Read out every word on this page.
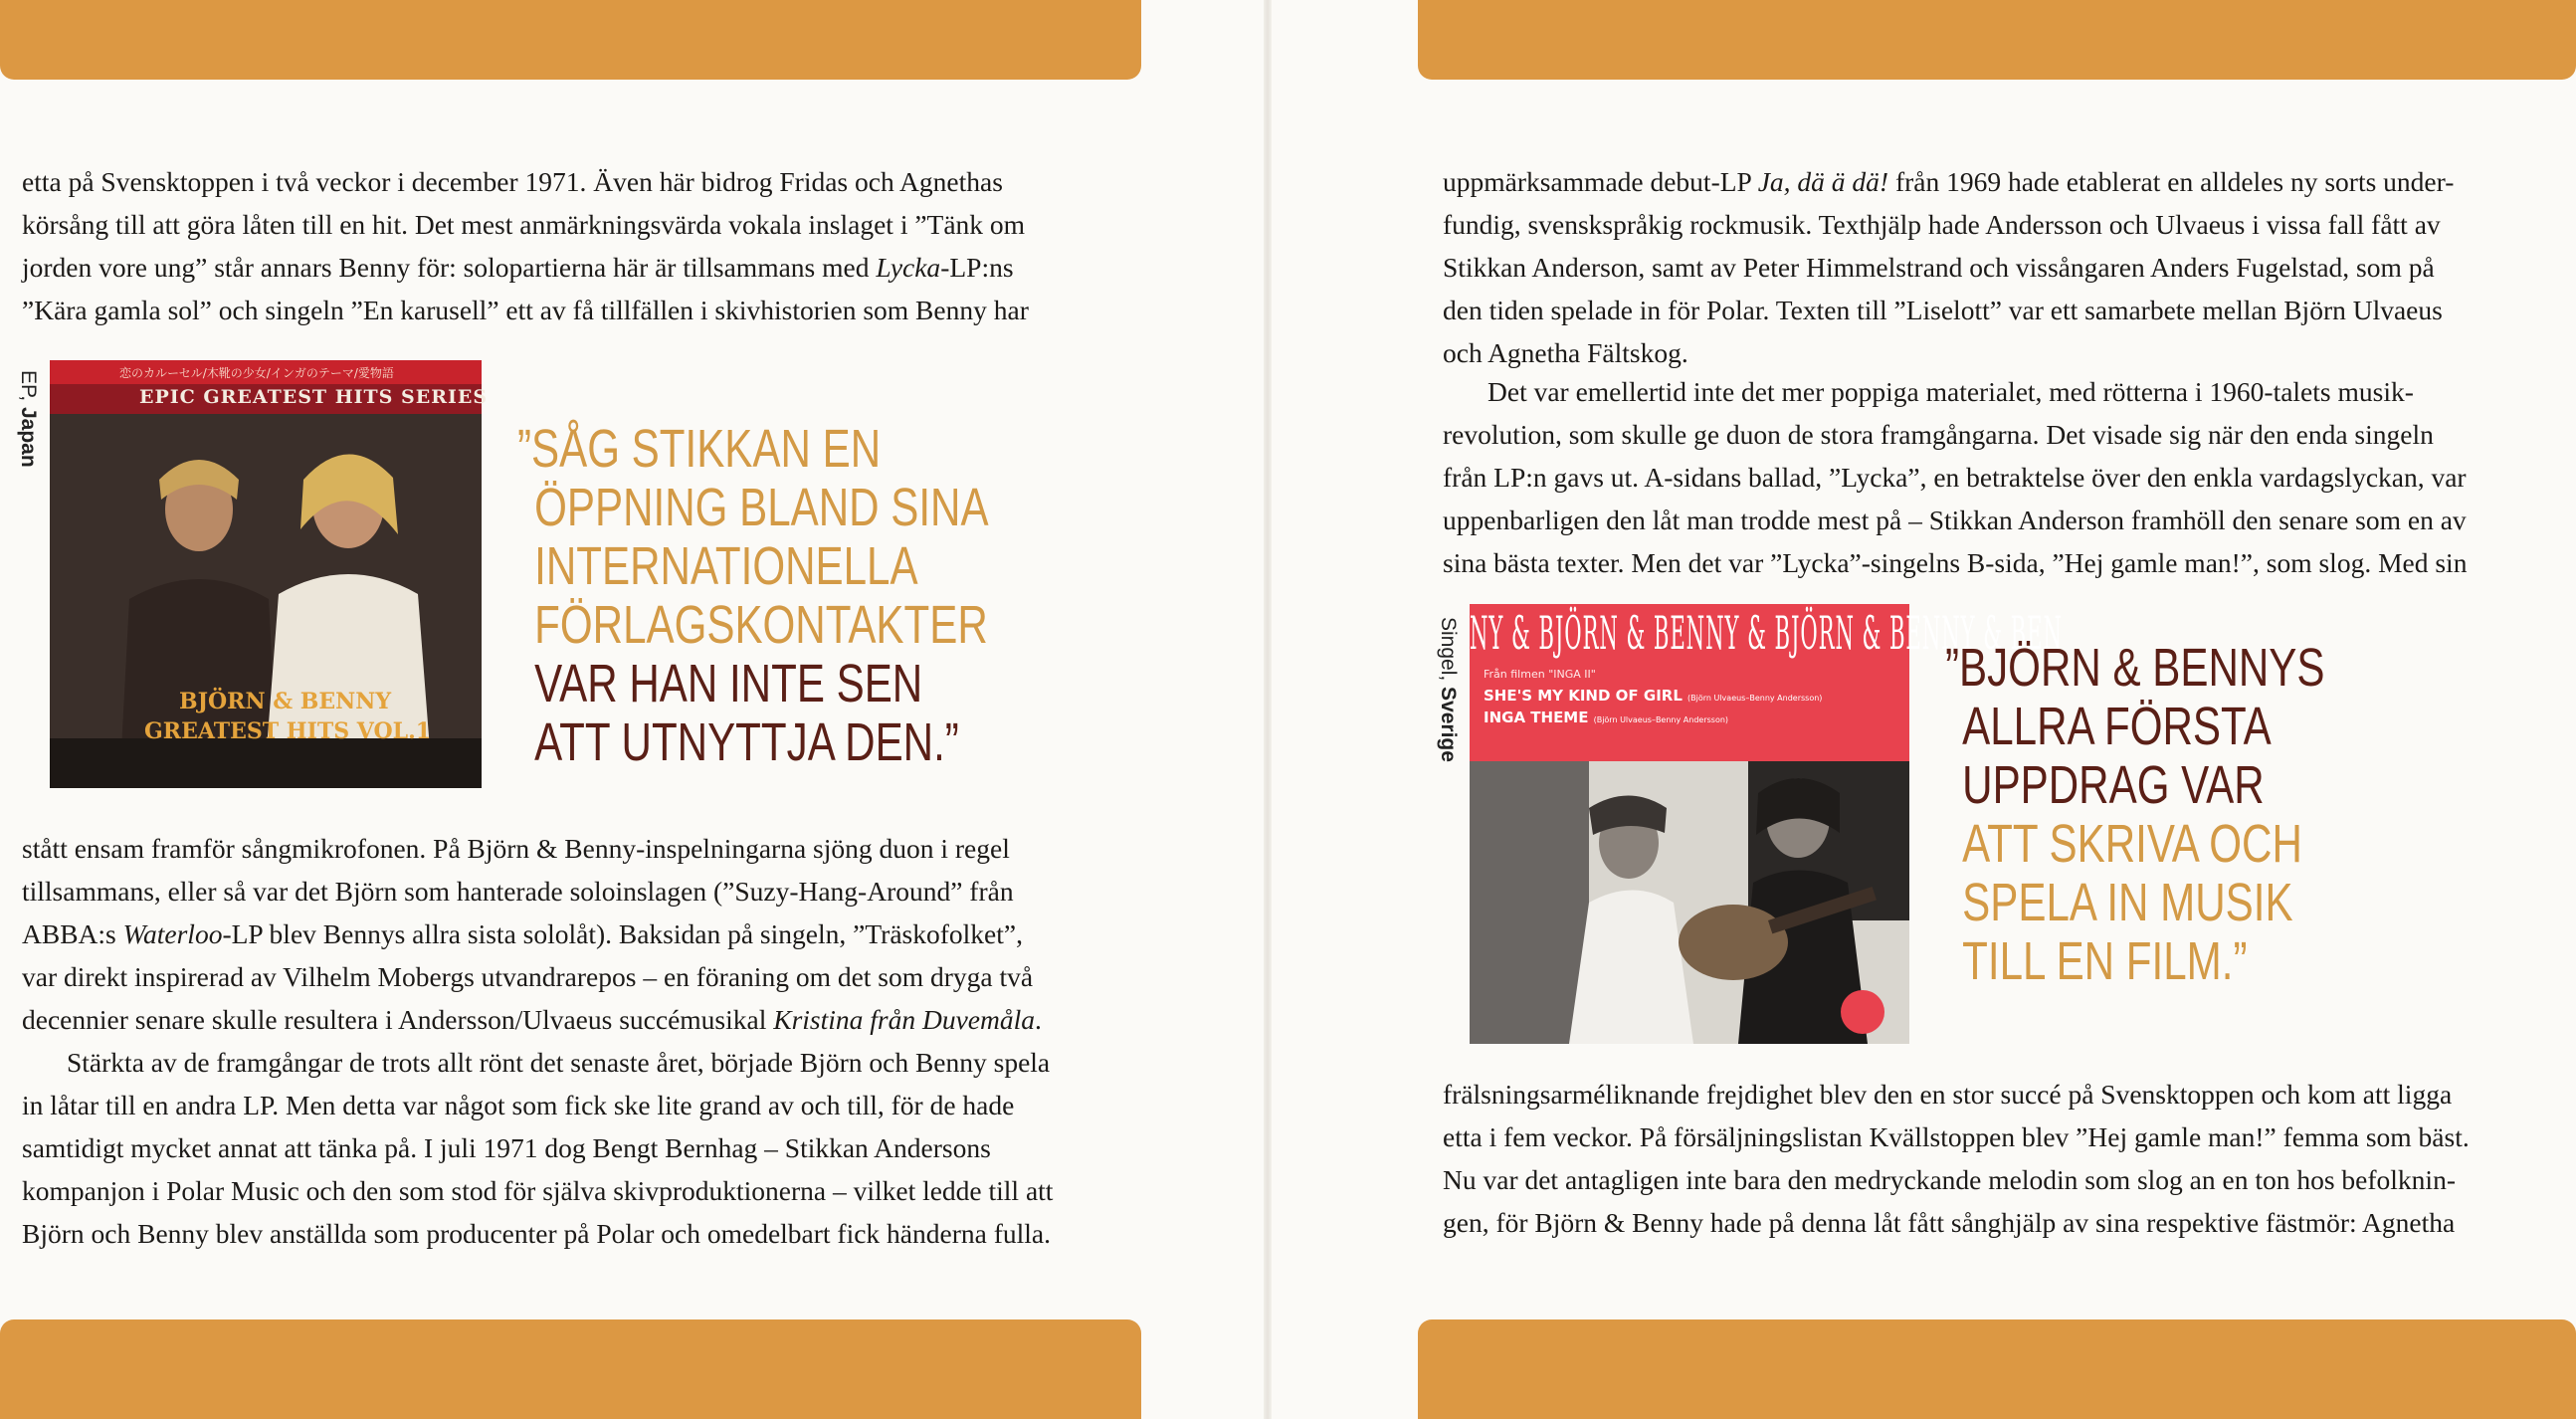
etta på Svensktoppen i två veckor i december 1971. Även här bidrog Fridas och Agnethas
körsång till att göra låten till en hit. Det mest anmärkningsvärda vokala inslaget i ”Tänk om
jorden vore ung” står annars Benny för: solopartierna här är tillsammans med Lycka-LP:ns
”Kära gamla sol” och singeln ”En karusell” ett av få tillfällen i skivhistorien som Benny har
EP, Japan
恋のカルーセル/木靴の少女/インガのテーマ/愛物語
EPIC GREATEST HITS SERIES
BJÖRN & BENNY
GREATEST HITS VOL.1
”SÅG STIKKAN EN
ÖPPNING BLAND SINA
INTERNATIONELLA
FÖRLAGSKONTAKTER
VAR HAN INTE SEN
ATT UTNYTTJA DEN.”
stått ensam framför sångmikrofonen. På Björn & Benny-inspelningarna sjöng duon i regel
tillsammans, eller så var det Björn som hanterade soloinslagen (”Suzy-Hang-Around” från
ABBA:s Waterloo-LP blev Bennys allra sista sololåt). Baksidan på singeln, ”Träskofolket”,
var direkt inspirerad av Vilhelm Mobergs utvandrarepos – en föraning om det som dryga två
decennier senare skulle resultera i Andersson/Ulvaeus succémusikal Kristina från Duvemåla.
Stärkta av de framgångar de trots allt rönt det senaste året, började Björn och Benny spela
in låtar till en andra LP. Men detta var något som fick ske lite grand av och till, för de hade
samtidigt mycket annat att tänka på. I juli 1971 dog Bengt Bernhag – Stikkan Andersons
kompanjon i Polar Music och den som stod för själva skivproduktionerna – vilket ledde till att
Björn och Benny blev anställda som producenter på Polar och omedelbart fick händerna fulla.
uppmärksammade debut-LP Ja, dä ä dä! från 1969 hade etablerat en alldeles ny sorts under-
fundig, svenskspråkig rockmusik. Texthjälp hade Andersson och Ulvaeus i vissa fall fått av
Stikkan Anderson, samt av Peter Himmelstrand och vissångaren Anders Fugelstad, som på
den tiden spelade in för Polar. Texten till ”Liselott” var ett samarbete mellan Björn Ulvaeus
och Agnetha Fältskog.
Det var emellertid inte det mer poppiga materialet, med rötterna i 1960-talets musik-
revolution, som skulle ge duon de stora framgångarna. Det visade sig när den enda singeln
från LP:n gavs ut. A-sidans ballad, ”Lycka”, en betraktelse över den enkla vardagslyckan, var
uppenbarligen den låt man trodde mest på – Stikkan Anderson framhöll den senare som en av
sina bästa texter. Men det var ”Lycka”-singelns B-sida, ”Hej gamle man!”, som slog. Med sin
Singel, Sverige
NY & BJÖRN & BENNY & BJÖRN & BENNY & BEN
Från filmen "INGA II"
SHE'S MY KIND OF GIRL (Björn Ulvaeus–Benny Andersson)
INGA THEME (Björn Ulvaeus–Benny Andersson)
”BJÖRN & BENNYS
ALLRA FÖRSTA
UPPDRAG VAR
ATT SKRIVA OCH
SPELA IN MUSIK
TILL EN FILM.”
frälsningsarméliknande frejdighet blev den en stor succé på Svensktoppen och kom att ligga
etta i fem veckor. På försäljningslistan Kvällstoppen blev ”Hej gamle man!” femma som bäst.
Nu var det antagligen inte bara den medryckande melodin som slog an en ton hos befolknin-
gen, för Björn & Benny hade på denna låt fått sånghjälp av sina respektive fästmör: Agnetha
